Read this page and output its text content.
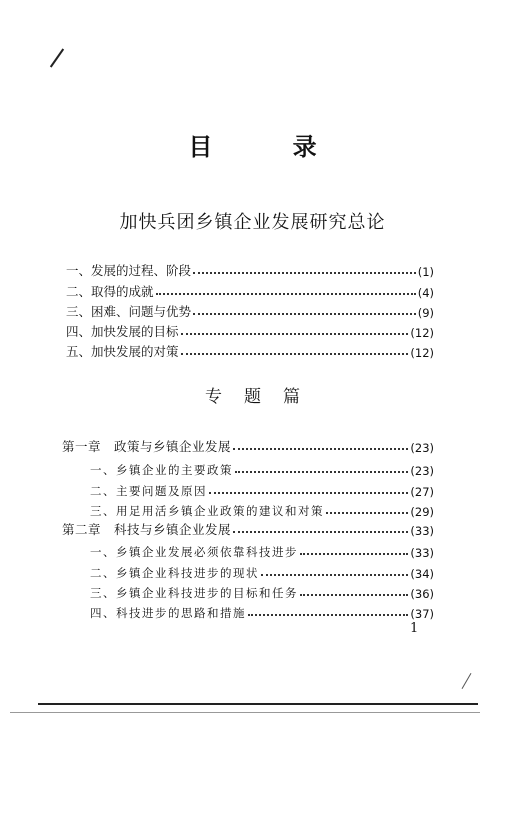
目 录
加快兵团乡镇企业发展研究总论
一、发展的过程、阶段	(1)
二、取得的成就	(4)
三、困难、问题与优势	(9)
四、加快发展的目标	(12)
五、加快发展的对策	(12)
专题篇
第一章　政策与乡镇企业发展	(23)
一、乡镇企业的主要政策	(23)
二、主要问题及原因	(27)
三、用足用活乡镇企业政策的建议和对策	(29)
第二章　科技与乡镇企业发展	(33)
一、乡镇企业发展必须依靠科技进步	(33)
二、乡镇企业科技进步的现状	(34)
三、乡镇企业科技进步的目标和任务	(36)
四、科技进步的思路和措施	(37)
1
